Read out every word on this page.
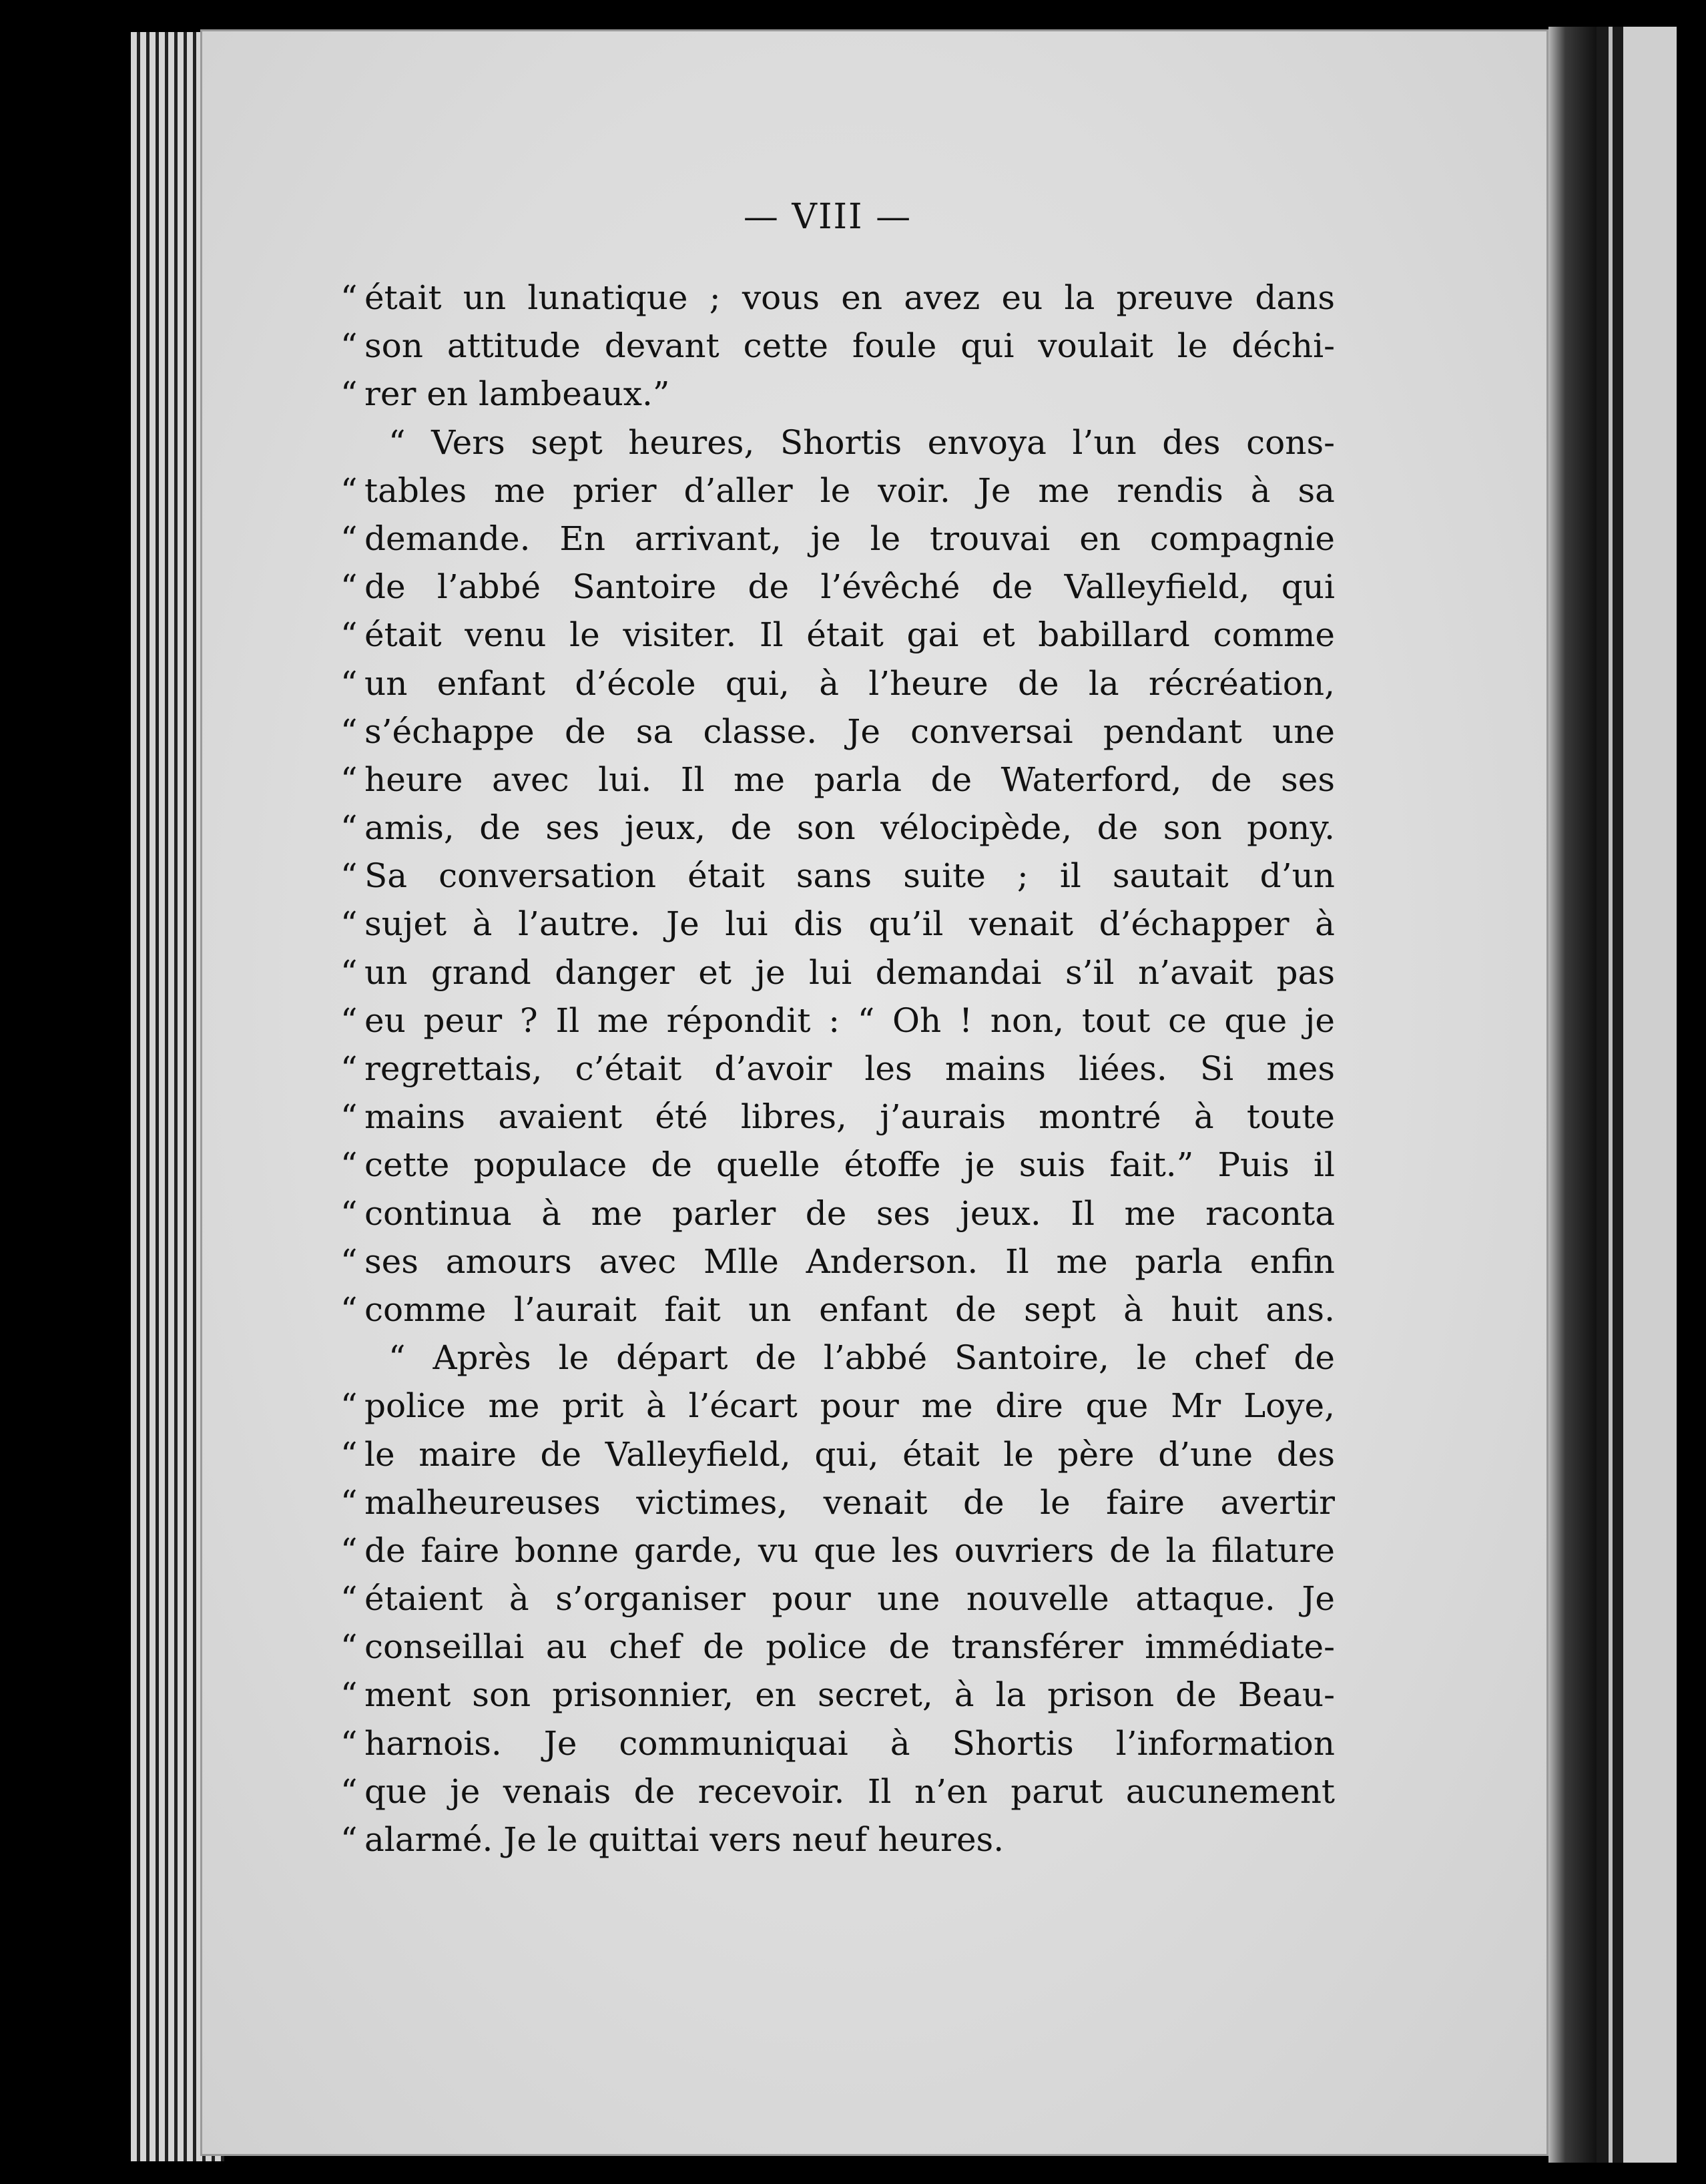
— VIII —
“ était un lunatique ; vous en avez eu la preuve dans
“ son attitude devant cette foule qui voulait le déchi-
“ rer en lambeaux.”
“ Vers sept heures, Shortis envoya l’un des cons-
“ tables me prier d’aller le voir. Je me rendis à sa
“ demande. En arrivant, je le trouvai en compagnie
“ de l’abbé Santoire de l’évêché de Valleyfield, qui
“ était venu le visiter. Il était gai et babillard comme
“ un enfant d’école qui, à l’heure de la récréation,
“ s’échappe de sa classe. Je conversai pendant une
“ heure avec lui. Il me parla de Waterford, de ses
“ amis, de ses jeux, de son vélocipède, de son pony.
“ Sa conversation était sans suite ; il sautait d’un
“ sujet à l’autre. Je lui dis qu’il venait d’échapper à
“ un grand danger et je lui demandai s’il n’avait pas
“ eu peur ? Il me répondit : “ Oh ! non, tout ce que je
“ regrettais, c’était d’avoir les mains liées. Si mes
“ mains avaient été libres, j’aurais montré à toute
“ cette populace de quelle étoffe je suis fait.” Puis il
“ continua à me parler de ses jeux. Il me raconta
“ ses amours avec Mlle Anderson. Il me parla enfin
“ comme l’aurait fait un enfant de sept à huit ans.
“ Après le départ de l’abbé Santoire, le chef de
“ police me prit à l’écart pour me dire que Mr Loye,
“ le maire de Valleyfield, qui, était le père d’une des
“ malheureuses victimes, venait de le faire avertir
“ de faire bonne garde, vu que les ouvriers de la filature
“ étaient à s’organiser pour une nouvelle attaque. Je
“ conseillai au chef de police de transférer immédiate-
“ ment son prisonnier, en secret, à la prison de Beau-
“ harnois. Je communiquai à Shortis l’information
“ que je venais de recevoir. Il n’en parut aucunement
“ alarmé. Je le quittai vers neuf heures.
